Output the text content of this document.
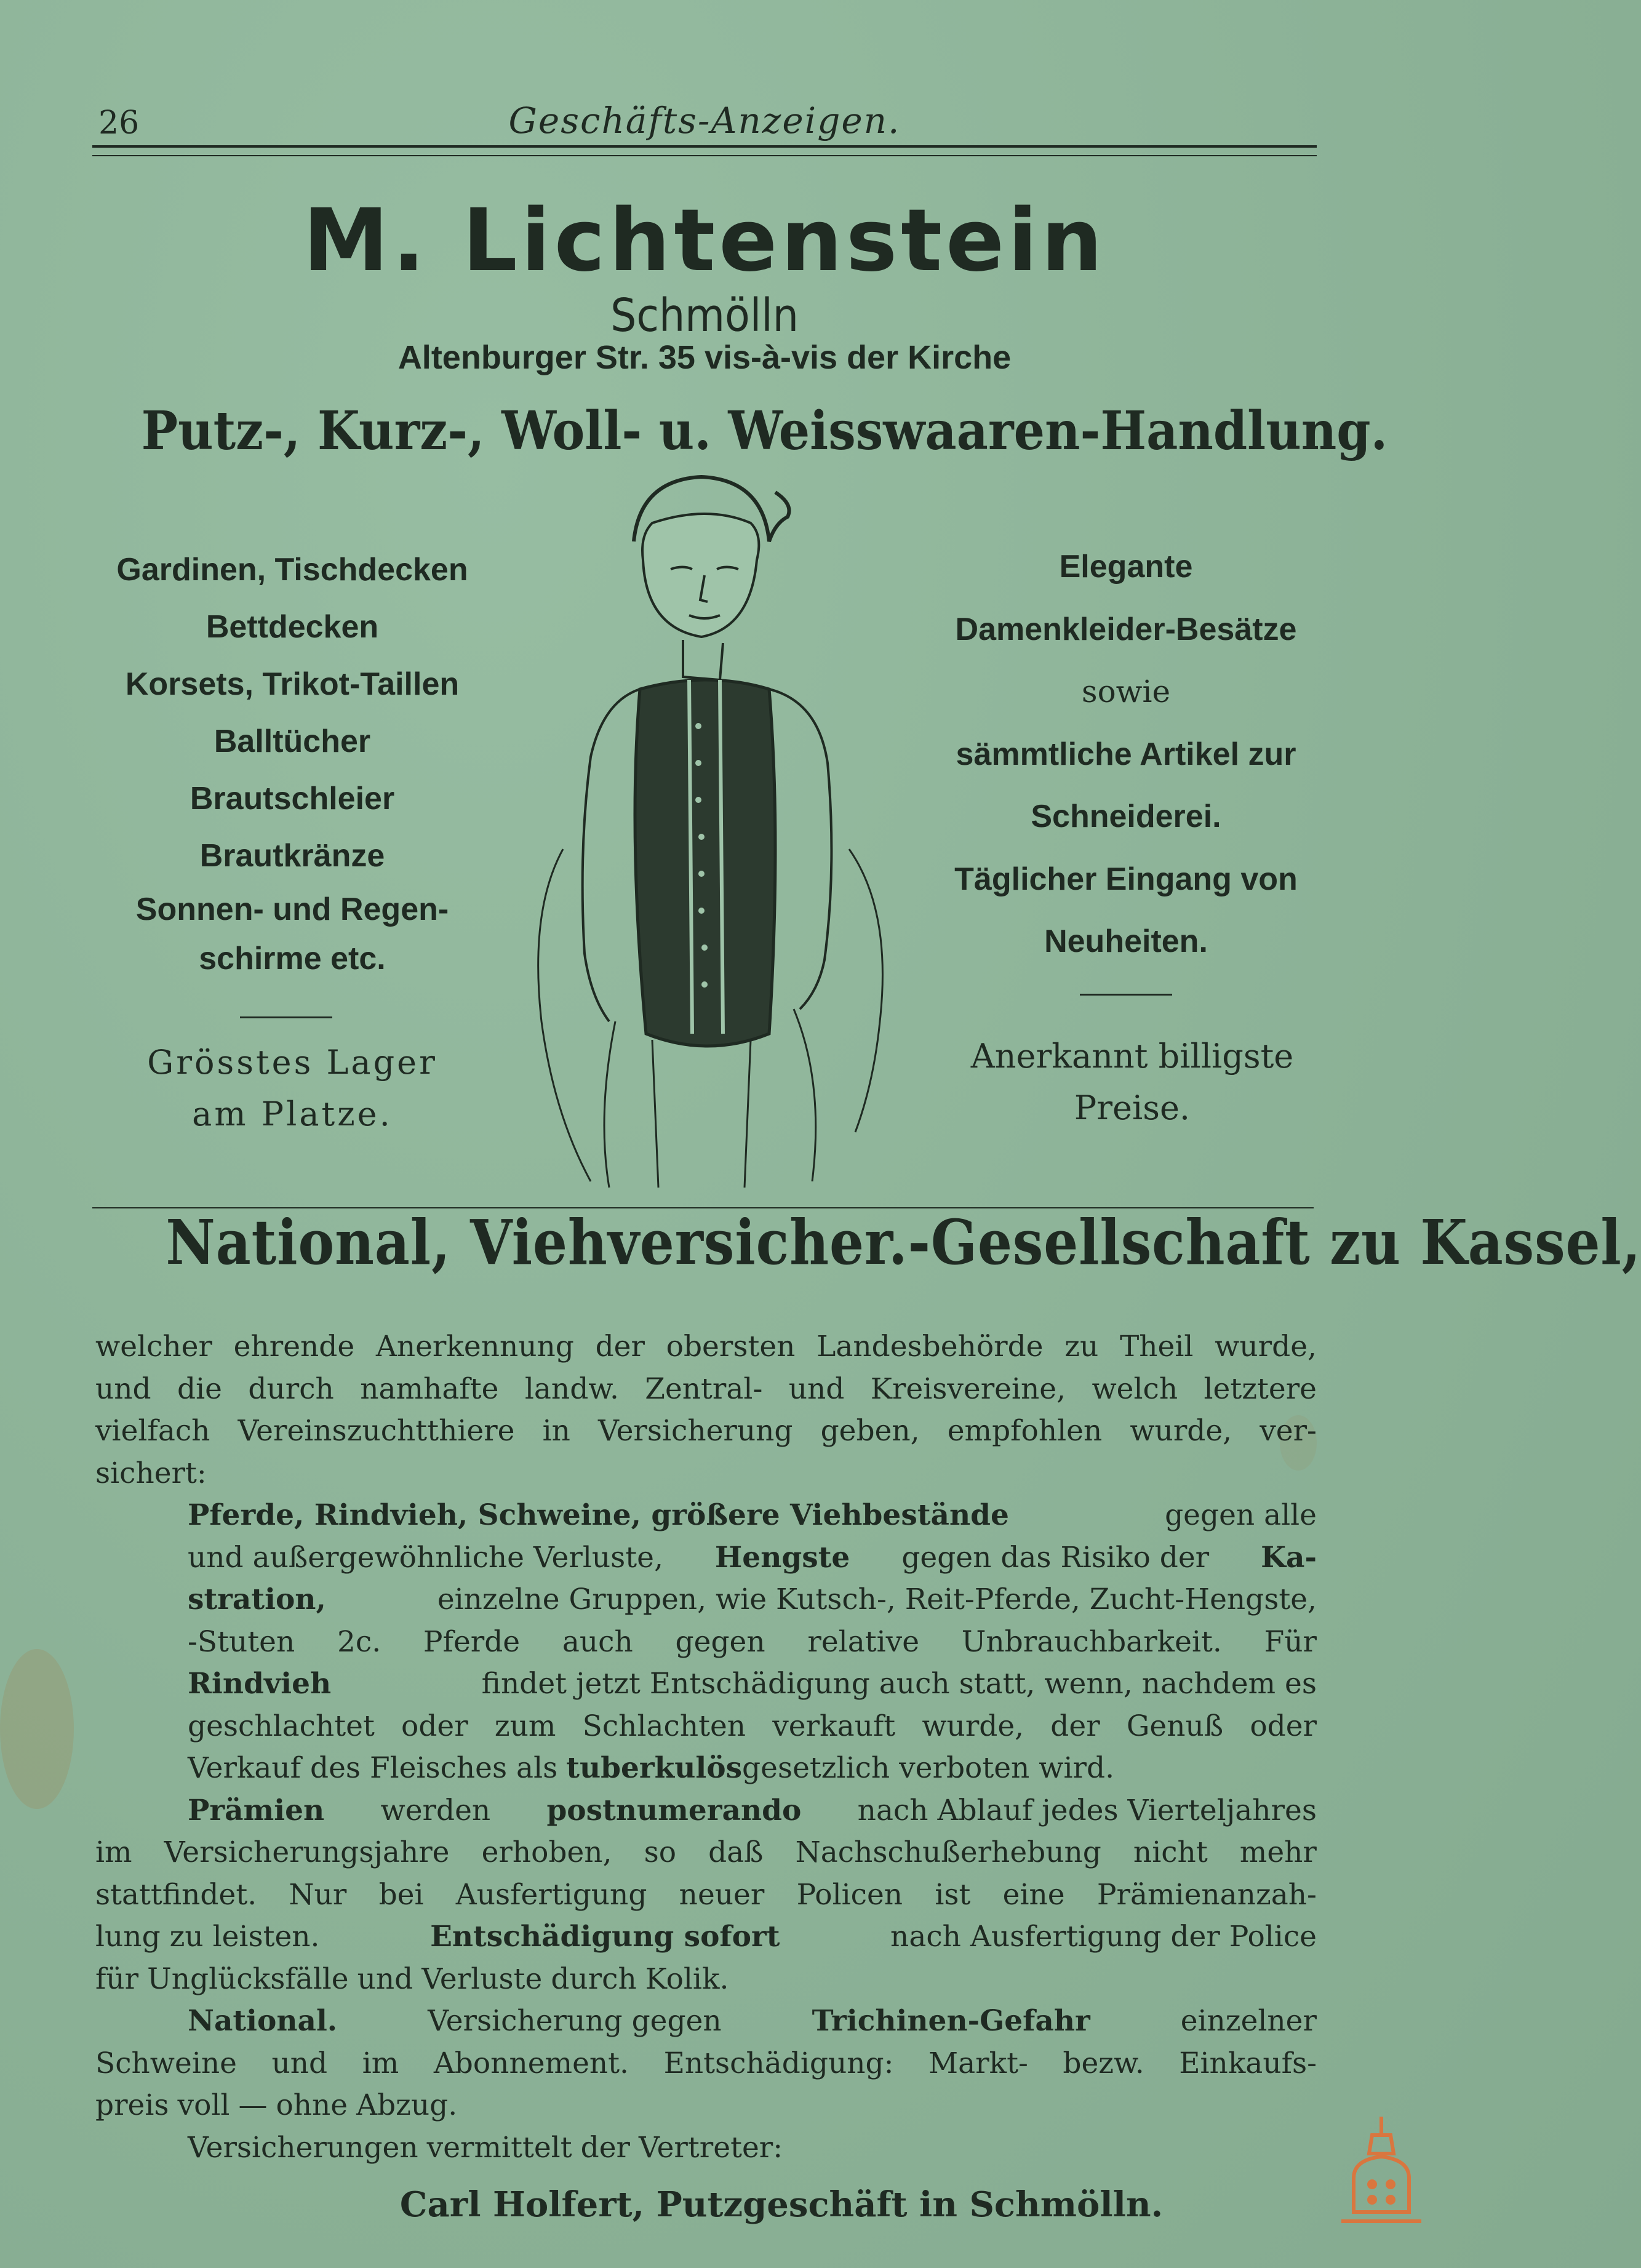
26	Geschäfts-Anzeigen.
M. Lichtenstein
Schmölln
Altenburger Str. 35 vis-à-vis der Kirche
Putz-, Kurz-, Woll- u. Weisswaaren-Handlung.
Gardinen, Tischdecken
Bettdecken
Korsets, Trikot-Taillen
Balltücher
Brautschleier
Brautkränze
Sonnen- und Regen-
schirme etc.
Grösstes Lager
am Platze.
Elegante
Damenkleider-Besätze
sowie
sämmtliche Artikel zur
Schneiderei.
Täglicher Eingang von
Neuheiten.
Anerkannt billigste
Preise.
National, Viehversicher.-Gesellschaft zu Kassel,
welcher ehrende Anerkennung der obersten Landesbehörde zu Theil wurde,
und die durch namhafte landw. Zentral- und Kreisvereine, welch letztere
vielfach Vereinszuchtthiere in Versicherung geben, empfohlen wurde, ver-
sichert:
Pferde, Rindvieh, Schweine, größere Viehbestände	gegen alle
und außergewöhnliche Verluste, Hengste gegen das Risiko der Ka-
stration,	einzelne Gruppen, wie Kutsch-, Reit-Pferde, Zucht-Hengste,
-Stuten 2c. Pferde auch gegen relative Unbrauchbarkeit. Für
Rindvieh	findet jetzt Entschädigung auch statt, wenn, nachdem es
geschlachtet oder zum Schlachten verkauft wurde, der Genuß oder
Verkauf des Fleisches als tuberkulös gesetzlich verboten wird.
Prämien werden postnumerando nach Ablauf jedes Vierteljahres
im Versicherungsjahre erhoben, so daß Nachschußerhebung nicht mehr
stattfindet. Nur bei Ausfertigung neuer Policen ist eine Prämienanzah-
lung zu leisten.	Entschädigung sofort	nach Ausfertigung der Police
für Unglücksfälle und Verluste durch Kolik.
National.	Versicherung gegen	Trichinen-Gefahr	einzelner
Schweine und im Abonnement. Entschädigung: Markt- bezw. Einkaufs-
preis voll — ohne Abzug.
Versicherungen vermittelt der Vertreter:
Carl Holfert, Putzgeschäft in Schmölln.
